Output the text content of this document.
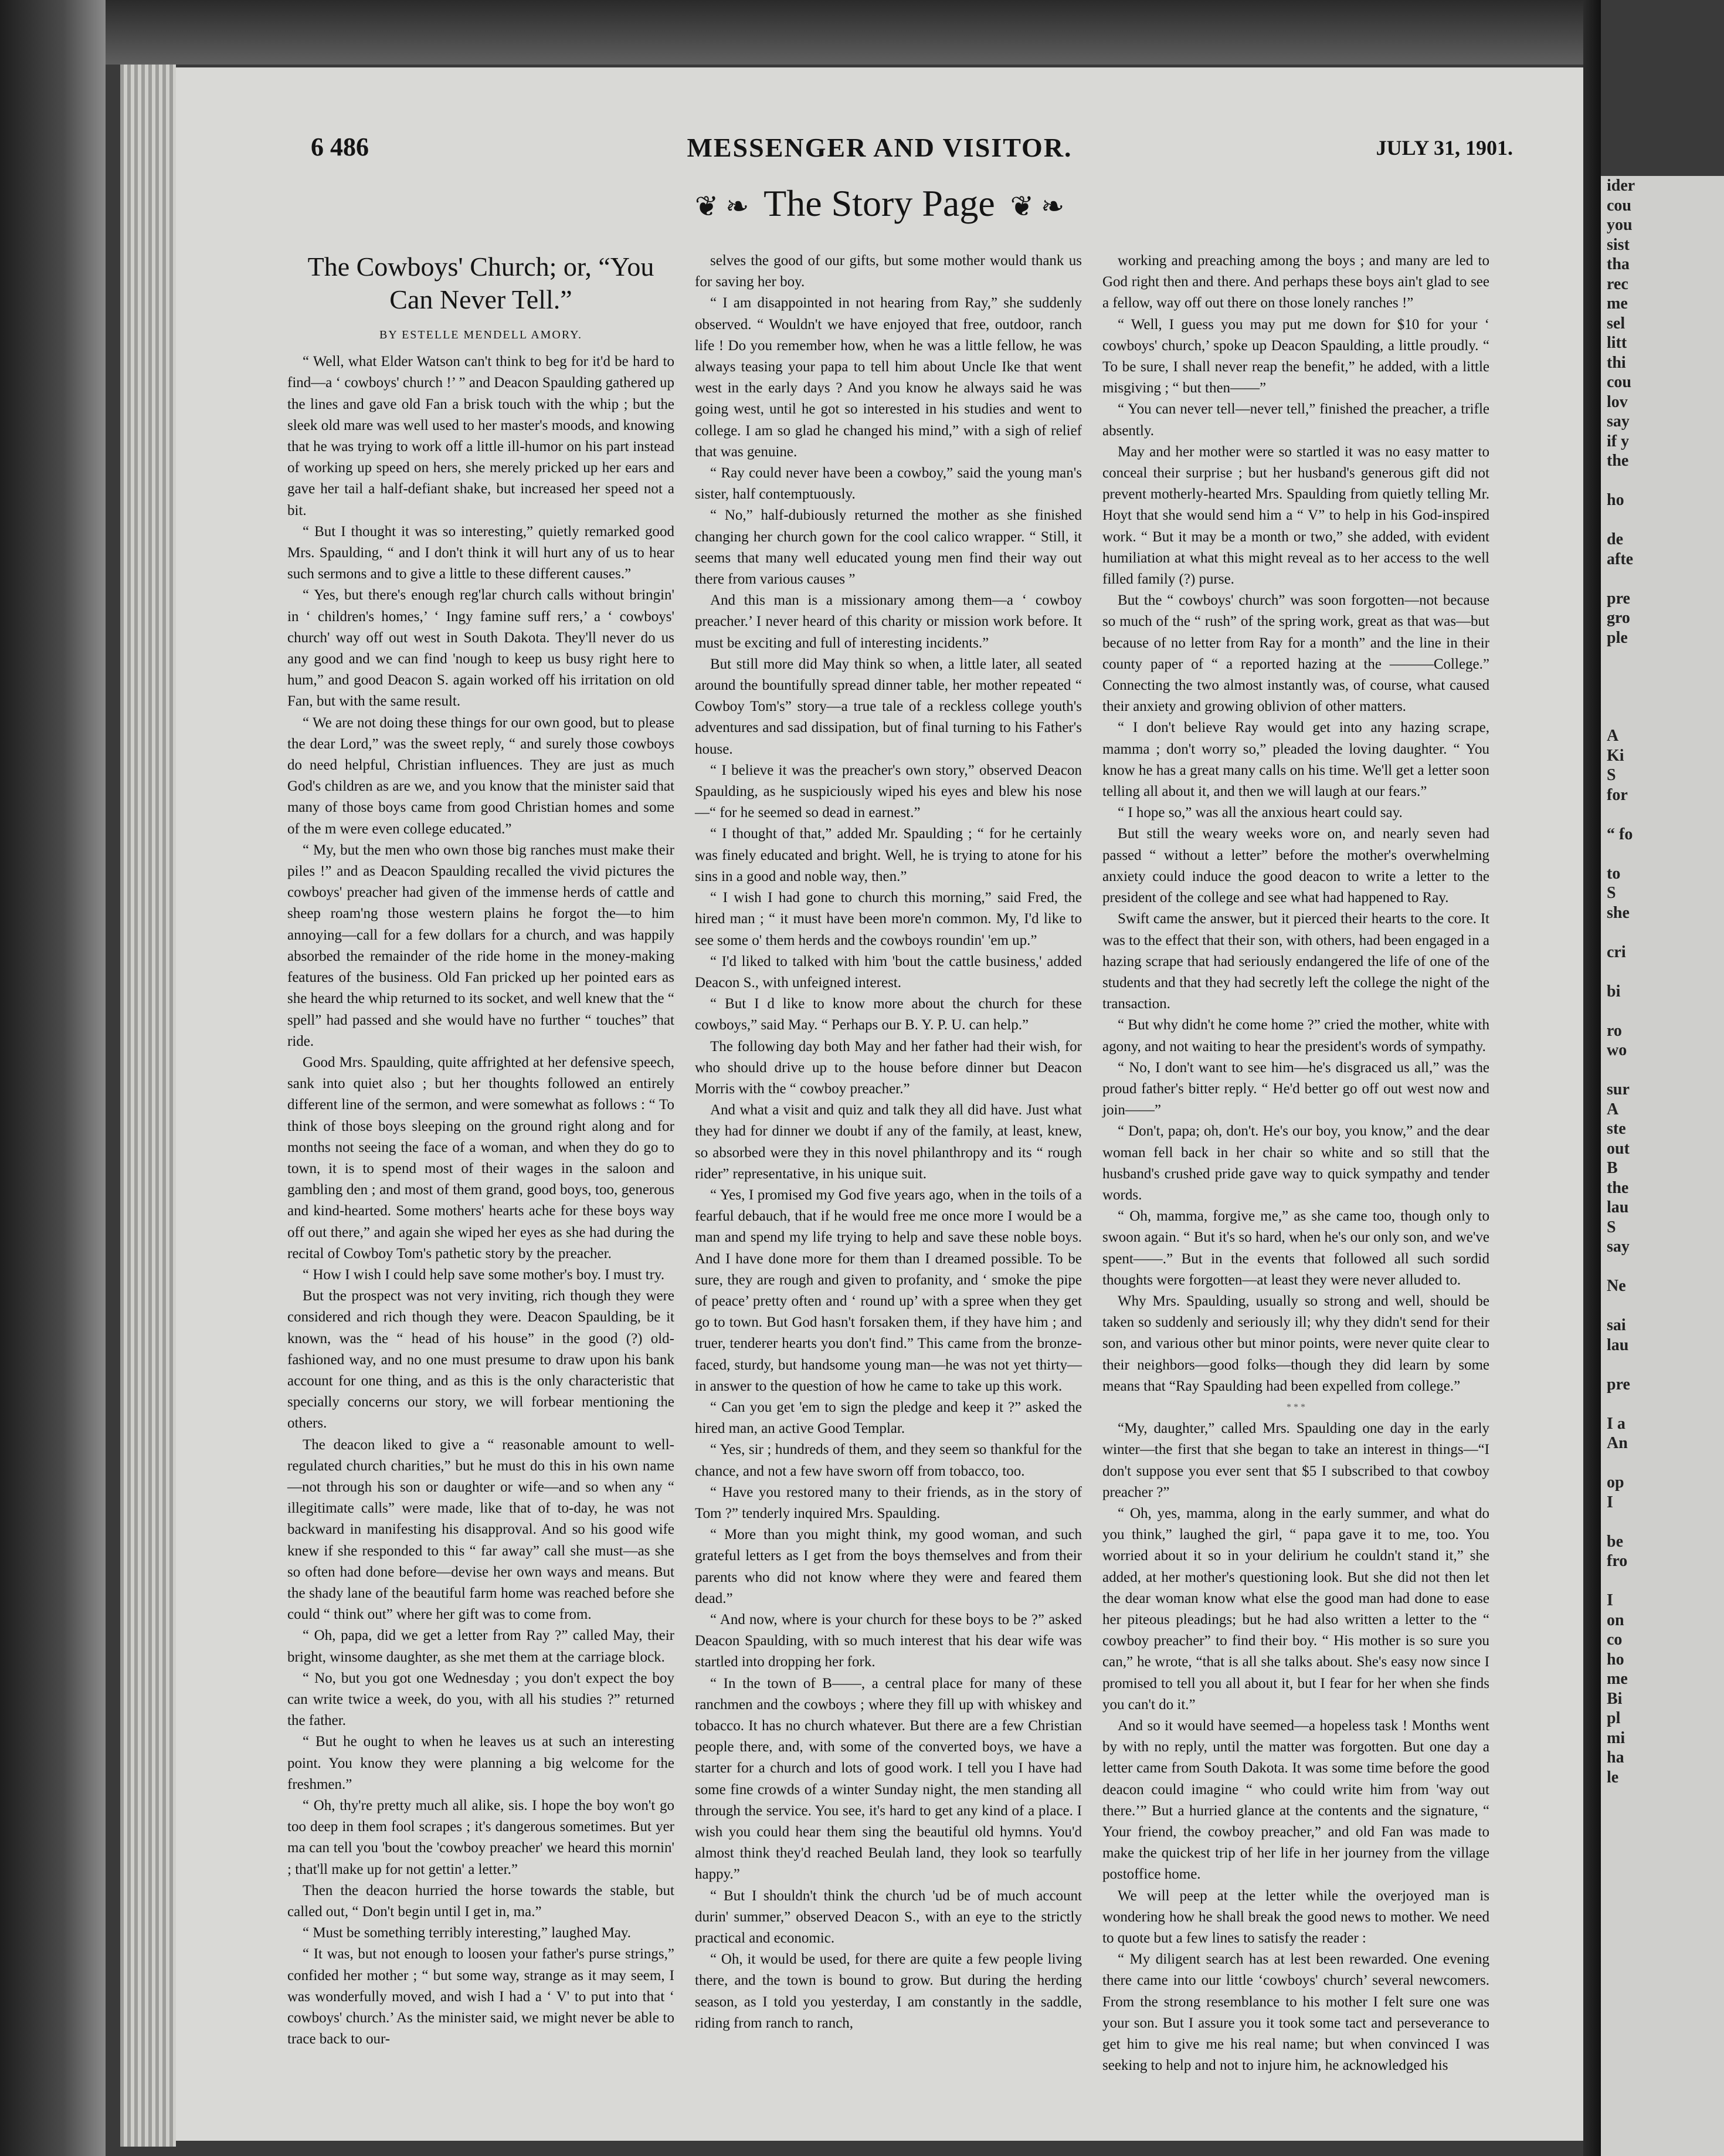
6 486	MESSENGER AND VISITOR.	JULY 31, 1901.
❦ ❧ The Story Page ❦ ❧
The Cowboys' Church; or, “You Can Never Tell.”
BY ESTELLE MENDELL AMORY.

“ Well, what Elder Watson can't think to beg for it'd be hard to find—a ‘ cowboys' church !’ ” and Deacon Spaulding gathered up the lines and gave old Fan a brisk touch with the whip ; but the sleek old mare was well used to her master's moods, and knowing that he was trying to work off a little ill-humor on his part instead of working up speed on hers, she merely pricked up her ears and gave her tail a half-defiant shake, but increased her speed not a bit.

“ But I thought it was so interesting,” quietly remarked good Mrs. Spaulding, “ and I don't think it will hurt any of us to hear such sermons and to give a little to these different causes.”

“ Yes, but there's enough reg'lar church calls without bringin' in ‘ children's homes,’ ‘ Ingy famine suff rers,’ a ‘ cowboys' church' way off out west in South Dakota. They'll never do us any good and we can find 'nough to keep us busy right here to hum,” and good Deacon S. again worked off his irritation on old Fan, but with the same result.

“ We are not doing these things for our own good, but to please the dear Lord,” was the sweet reply, “ and surely those cowboys do need helpful, Christian influences. They are just as much God's children as are we, and you know that the minister said that many of those boys came from good Christian homes and some of the m were even college educated.”

“ My, but the men who own those big ranches must make their piles !” and as Deacon Spaulding recalled the vivid pictures the cowboys' preacher had given of the immense herds of cattle and sheep roam'ng those western plains he forgot the—to him annoying—call for a few dollars for a church, and was happily absorbed the remainder of the ride home in the money-making features of the business. Old Fan pricked up her pointed ears as she heard the whip returned to its socket, and well knew that the “ spell” had passed and she would have no further “ touches” that ride.

Good Mrs. Spaulding, quite affrighted at her defensive speech, sank into quiet also ; but her thoughts followed an entirely different line of the sermon, and were somewhat as follows : “ To think of those boys sleeping on the ground right along and for months not seeing the face of a woman, and when they do go to town, it is to spend most of their wages in the saloon and gambling den ; and most of them grand, good boys, too, generous and kind-hearted. Some mothers' hearts ache for these boys way off out there,” and again she wiped her eyes as she had during the recital of Cowboy Tom's pathetic story by the preacher.

“ How I wish I could help save some mother's boy. I must try.

But the prospect was not very inviting, rich though they were considered and rich though they were. Deacon Spaulding, be it known, was the “ head of his house” in the good (?) old-fashioned way, and no one must presume to draw upon his bank account for one thing, and as this is the only characteristic that specially concerns our story, we will forbear mentioning the others.

The deacon liked to give a “ reasonable amount to well-regulated church charities,” but he must do this in his own name—not through his son or daughter or wife—and so when any “ illegitimate calls” were made, like that of to-day, he was not backward in manifesting his disapproval. And so his good wife knew if she responded to this “ far away” call she must—as she so often had done before—devise her own ways and means. But the shady lane of the beautiful farm home was reached before she could “ think out” where her gift was to come from.

“ Oh, papa, did we get a letter from Ray ?” called May, their bright, winsome daughter, as she met them at the carriage block.

“ No, but you got one Wednesday ; you don't expect the boy can write twice a week, do you, with all his studies ?” returned the father.

“ But he ought to when he leaves us at such an interesting point. You know they were planning a big welcome for the freshmen.”

“ Oh, thy're pretty much all alike, sis. I hope the boy won't go too deep in them fool scrapes ; it's dangerous sometimes. But yer ma can tell you 'bout the 'cowboy preacher' we heard this mornin' ; that'll make up for not gettin' a letter.”

Then the deacon hurried the horse towards the stable, but called out, “ Don't begin until I get in, ma.”

“ Must be something terribly interesting,” laughed May.

“ It was, but not enough to loosen your father's purse strings,” confided her mother ; “ but some way, strange as it may seem, I was wonderfully moved, and wish I had a ‘ V' to put into that ‘ cowboys' church.’ As the minister said, we might never be able to trace back to our-

selves the good of our gifts, but some mother would thank us for saving her boy.

“ I am disappointed in not hearing from Ray,” she suddenly observed. “ Wouldn't we have enjoyed that free, outdoor, ranch life ! Do you remember how, when he was a little fellow, he was always teasing your papa to tell him about Uncle Ike that went west in the early days ? And you know he always said he was going west, until he got so interested in his studies and went to college. I am so glad he changed his mind,” with a sigh of relief that was genuine.

“ Ray could never have been a cowboy,” said the young man's sister, half contemptuously.

“ No,” half-dubiously returned the mother as she finished changing her church gown for the cool calico wrapper. “ Still, it seems that many well educated young men find their way out there from various causes ”

And this man is a missionary among them—a ‘ cowboy preacher.’ I never heard of this charity or mission work before. It must be exciting and full of interesting incidents.”

But still more did May think so when, a little later, all seated around the bountifully spread dinner table, her mother repeated “ Cowboy Tom's” story—a true tale of a reckless college youth's adventures and sad dissipation, but of final turning to his Father's house.

“ I believe it was the preacher's own story,” observed Deacon Spaulding, as he suspiciously wiped his eyes and blew his nose—“ for he seemed so dead in earnest.”

“ I thought of that,” added Mr. Spaulding ; “ for he certainly was finely educated and bright. Well, he is trying to atone for his sins in a good and noble way, then.”

“ I wish I had gone to church this morning,” said Fred, the hired man ; “ it must have been more'n common. My, I'd like to see some o' them herds and the cowboys roundin' 'em up.”

“ I'd liked to talked with him 'bout the cattle business,' added Deacon S., with unfeigned interest.

“ But I d like to know more about the church for these cowboys,” said May. “ Perhaps our B. Y. P. U. can help.”

The following day both May and her father had their wish, for who should drive up to the house before dinner but Deacon Morris with the “ cowboy preacher.”

And what a visit and quiz and talk they all did have. Just what they had for dinner we doubt if any of the family, at least, knew, so absorbed were they in this novel philanthropy and its “ rough rider” representative, in his unique suit.

“ Yes, I promised my God five years ago, when in the toils of a fearful debauch, that if he would free me once more I would be a man and spend my life trying to help and save these noble boys. And I have done more for them than I dreamed possible. To be sure, they are rough and given to profanity, and ‘ smoke the pipe of peace’ pretty often and ‘ round up’ with a spree when they get go to town. But God hasn't forsaken them, if they have him ; and truer, tenderer hearts you don't find.” This came from the bronze-faced, sturdy, but handsome young man—he was not yet thirty—in answer to the question of how he came to take up this work.

“ Can you get 'em to sign the pledge and keep it ?” asked the hired man, an active Good Templar.

“ Yes, sir ; hundreds of them, and they seem so thankful for the chance, and not a few have sworn off from tobacco, too.

“ Have you restored many to their friends, as in the story of Tom ?” tenderly inquired Mrs. Spaulding.

“ More than you might think, my good woman, and such grateful letters as I get from the boys themselves and from their parents who did not know where they were and feared them dead.”

“ And now, where is your church for these boys to be ?” asked Deacon Spaulding, with so much interest that his dear wife was startled into dropping her fork.

“ In the town of B——, a central place for many of these ranchmen and the cowboys ; where they fill up with whiskey and tobacco. It has no church whatever. But there are a few Christian people there, and, with some of the converted boys, we have a starter for a church and lots of good work. I tell you I have had some fine crowds of a winter Sunday night, the men standing all through the service. You see, it's hard to get any kind of a place. I wish you could hear them sing the beautiful old hymns. You'd almost think they'd reached Beulah land, they look so tearfully happy.”

“ But I shouldn't think the church 'ud be of much account durin' summer,” observed Deacon S., with an eye to the strictly practical and economic.

“ Oh, it would be used, for there are quite a few people living there, and the town is bound to grow. But during the herding season, as I told you yesterday, I am constantly in the saddle, riding from ranch to ranch,

working and preaching among the boys ; and many are led to God right then and there. And perhaps these boys ain't glad to see a fellow, way off out there on those lonely ranches !”

“ Well, I guess you may put me down for $10 for your ‘ cowboys' church,’ spoke up Deacon Spaulding, a little proudly. “ To be sure, I shall never reap the benefit,” he added, with a little misgiving ; “ but then——”

“ You can never tell—never tell,” finished the preacher, a trifle absently.

May and her mother were so startled it was no easy matter to conceal their surprise ; but her husband's generous gift did not prevent motherly-hearted Mrs. Spaulding from quietly telling Mr. Hoyt that she would send him a “ V” to help in his God-inspired work. “ But it may be a month or two,” she added, with evident humiliation at what this might reveal as to her access to the well filled family (?) purse.

But the “ cowboys' church” was soon forgotten—not because so much of the “ rush” of the spring work, great as that was—but because of no letter from Ray for a month” and the line in their county paper of “ a reported hazing at the ———College.” Connecting the two almost instantly was, of course, what caused their anxiety and growing oblivion of other matters.

“ I don't believe Ray would get into any hazing scrape, mamma ; don't worry so,” pleaded the loving daughter. “ You know he has a great many calls on his time. We'll get a letter soon telling all about it, and then we will laugh at our fears.”

“ I hope so,” was all the anxious heart could say.

But still the weary weeks wore on, and nearly seven had passed “ without a letter” before the mother's overwhelming anxiety could induce the good deacon to write a letter to the president of the college and see what had happened to Ray.

Swift came the answer, but it pierced their hearts to the core. It was to the effect that their son, with others, had been engaged in a hazing scrape that had seriously endangered the life of one of the students and that they had secretly left the college the night of the transaction.

“ But why didn't he come home ?” cried the mother, white with agony, and not waiting to hear the president's words of sympathy.

“ No, I don't want to see him—he's disgraced us all,” was the proud father's bitter reply. “ He'd better go off out west now and join——”

“ Don't, papa; oh, don't. He's our boy, you know,” and the dear woman fell back in her chair so white and so still that the husband's crushed pride gave way to quick sympathy and tender words.

“ Oh, mamma, forgive me,” as she came too, though only to swoon again. “ But it's so hard, when he's our only son, and we've spent——.” But in the events that followed all such sordid thoughts were forgotten—at least they were never alluded to.

Why Mrs. Spaulding, usually so strong and well, should be taken so suddenly and seriously ill; why they didn't send for their son, and various other but minor points, were never quite clear to their neighbors—good folks—though they did learn by some means that “Ray Spaulding had been expelled from college.”

* * *

“My, daughter,” called Mrs. Spaulding one day in the early winter—the first that she began to take an interest in things—“I don't suppose you ever sent that $5 I subscribed to that cowboy preacher ?”

“ Oh, yes, mamma, along in the early summer, and what do you think,” laughed the girl, “ papa gave it to me, too. You worried about it so in your delirium he couldn't stand it,” she added, at her mother's questioning look. But she did not then let the dear woman know what else the good man had done to ease her piteous pleadings; but he had also written a letter to the “ cowboy preacher” to find their boy. “ His mother is so sure you can,” he wrote, “that is all she talks about. She's easy now since I promised to tell you all about it, but I fear for her when she finds you can't do it.”

And so it would have seemed—a hopeless task ! Months went by with no reply, until the matter was forgotten. But one day a letter came from South Dakota. It was some time before the good deacon could imagine “ who could write him from 'way out there.’” But a hurried glance at the contents and the signature, “ Your friend, the cowboy preacher,” and old Fan was made to make the quickest trip of her life in her journey from the village postoffice home.

We will peep at the letter while the overjoyed man is wondering how he shall break the good news to mother. We need to quote but a few lines to satisfy the reader :

“ My diligent search has at lest been rewarded. One evening there came into our little ‘cowboys' church’ several newcomers. From the strong resemblance to his mother I felt sure one was your son. But I assure you it took some tact and perseverance to get him to give me his real name; but when convinced I was seeking to help and not to injure him, he acknowledged his

ider
cou
you
sist
tha
rec
me
sel
litt
thi
cou
lov
say
if y
the

ho

de
afte

pre
gro
ple

A
Ki
S
for

“ fo

to
S
she

cri

bi

ro
wo

sur
A
ste
out
B
the
lau
S
say

Ne

sai
lau

pre

I a
An

op
I

be
fro

I
on
co
ho
me
Bi
pl
mi
ha
le
